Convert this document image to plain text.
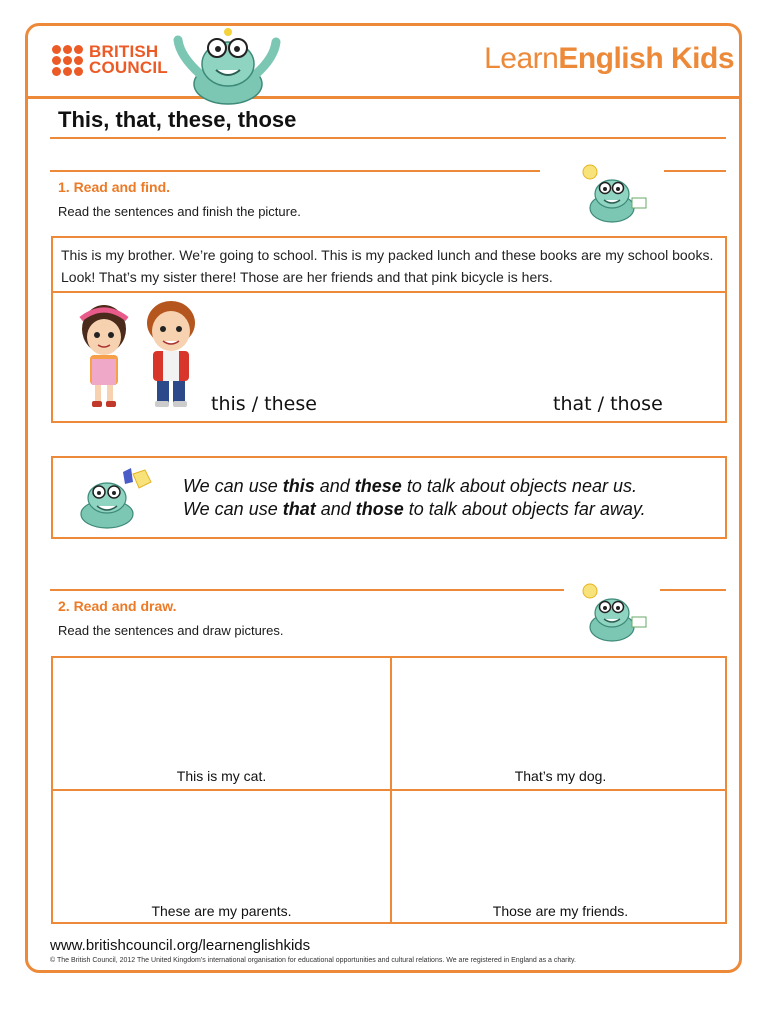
BRITISH
COUNCIL	LearnEnglish Kids
This, that, these, those
1. Read and find.
Read the sentences and finish the picture.
This is my brother. We’re going to school. This is my packed lunch and these books are my school books. Look! That’s my sister there! Those are her friends and that pink bicycle is hers.
this / these	that / those
We can use this and these to talk about objects near us.
We can use that and those to talk about objects far away.
2. Read and draw.
Read the sentences and draw pictures.
This is my cat.	That’s my dog.
These are my parents.	Those are my friends.
www.britishcouncil.org/learnenglishkids
© The British Council, 2012 The United Kingdom’s international organisation for educational opportunities and cultural relations. We are registered in England as a charity.
